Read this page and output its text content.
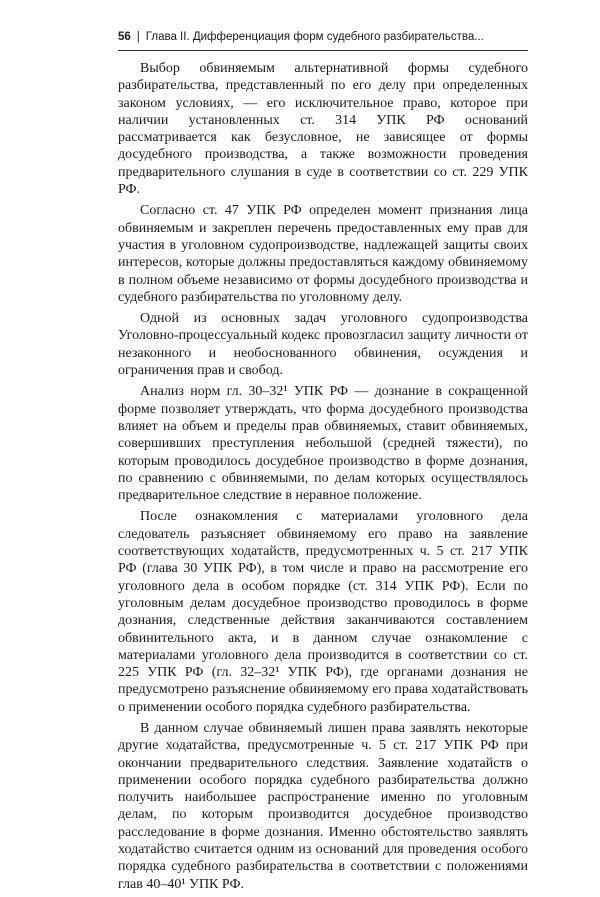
56 | Глава II. Дифференциация форм судебного разбирательства...

Выбор обвиняемым альтернативной формы судебного разбирательства, представленный по его делу при определенных законом условиях, — его исключительное право, которое при наличии установленных ст. 314 УПК РФ оснований рассматривается как безусловное, не зависящее от формы досудебного производства, а также возможности проведения предварительного слушания в суде в соответствии со ст. 229 УПК РФ.

Согласно ст. 47 УПК РФ определен момент признания лица обвиняемым и закреплен перечень предоставленных ему прав для участия в уголовном судопроизводстве, надлежащей защиты своих интересов, которые должны предоставляться каждому обвиняемому в полном объеме независимо от формы досудебного производства и судебного разбирательства по уголовному делу.

Одной из основных задач уголовного судопроизводства Уголовно-процессуальный кодекс провозгласил защиту личности от незаконного и необоснованного обвинения, осуждения и ограничения прав и свобод.

Анализ норм гл. 30–32¹ УПК РФ — дознание в сокращенной форме позволяет утверждать, что форма досудебного производства влияет на объем и пределы прав обвиняемых, ставит обвиняемых, совершивших преступления небольшой (средней тяжести), по которым проводилось досудебное производство в форме дознания, по сравнению с обвиняемыми, по делам которых осуществлялось предварительное следствие в неравное положение.

После ознакомления с материалами уголовного дела следователь разъясняет обвиняемому его право на заявление соответствующих ходатайств, предусмотренных ч. 5 ст. 217 УПК РФ (глава 30 УПК РФ), в том числе и право на рассмотрение его уголовного дела в особом порядке (ст. 314 УПК РФ). Если по уголовным делам досудебное производство проводилось в форме дознания, следственные действия заканчиваются составлением обвинительного акта, и в данном случае ознакомление с материалами уголовного дела производится в соответствии со ст. 225 УПК РФ (гл. 32–32¹ УПК РФ), где органами дознания не предусмотрено разъяснение обвиняемому его права ходатайствовать о применении особого порядка судебного разбирательства.

В данном случае обвиняемый лишен права заявлять некоторые другие ходатайства, предусмотренные ч. 5 ст. 217 УПК РФ при окончании предварительного следствия. Заявление ходатайств о применении особого порядка судебного разбирательства должно получить наибольшее распространение именно по уголовным делам, по которым производится досудебное производство расследование в форме дознания. Именно обстоятельство заявлять ходатайство считается одним из оснований для проведения особого порядка судебного разбирательства в соответствии с положениями глав 40–40¹ УПК РФ.
